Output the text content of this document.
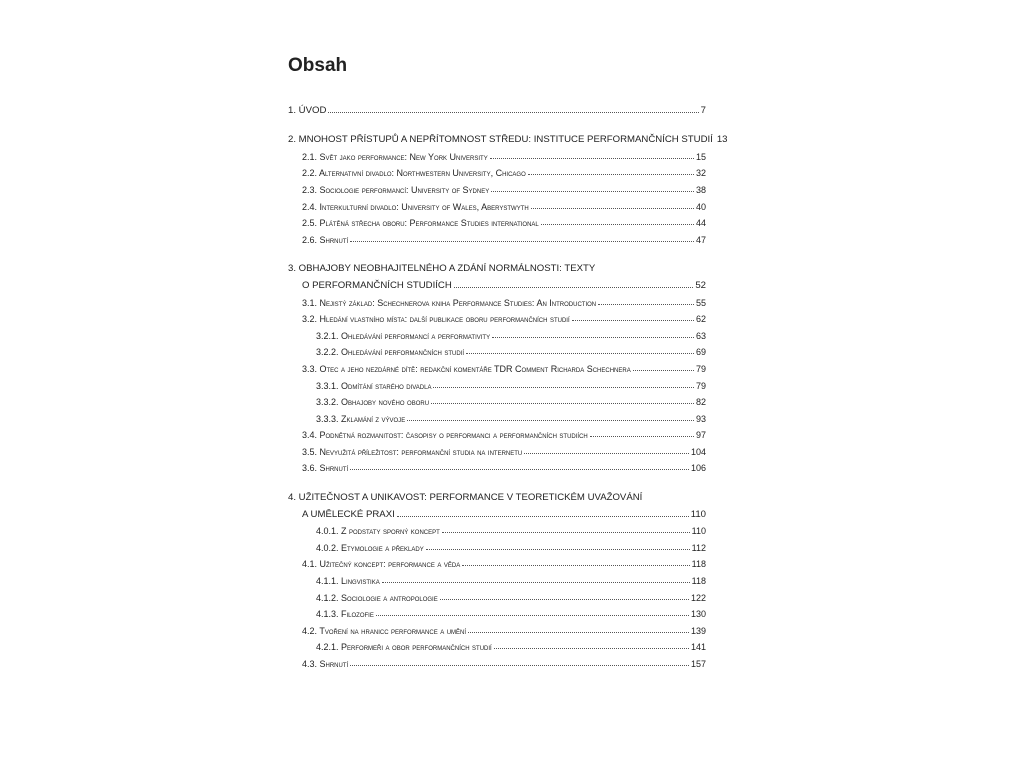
Obsah
1. ÚVOD	7
2. MNOHOST PŘÍSTUPŮ A NEPŘÍTOMNOST STŘEDU: INSTITUCE PERFORMANČNÍCH STUDIÍ 13
2.1. Svět jako performance: New York University	15
2.2. Alternativní divadlo: Northwestern University, Chicago	32
2.3. Sociologie performancí: University of Sydney	38
2.4. Interkulturní divadlo: University of Wales, Aberystwyth	40
2.5. Plátěná střecha oboru: Performance Studies international	44
2.6. Shrnutí	47
3. OBHAJOBY NEOBHAJITELNÉHO A ZDÁNÍ NORMÁLNOSTI: TEXTY
O PERFORMANČNÍCH STUDIÍCH	52
3.1. Nejistý základ: Schechnerova kniha Performance Studies: An Introduction	55
3.2. Hledání vlastního místa: další publikace oboru performančních studií	62
3.2.1. Ohledávání performancí a performativity	63
3.2.2. Ohledávání performančních studií	69
3.3. Otec a jeho nezdárné dítě: redakční komentáře TDR Comment Richarda Schechnera	79
3.3.1. Odmítání starého divadla	79
3.3.2. Obhajoby nového oboru	82
3.3.3. Zklamání z vývoje	93
3.4. Podnětná rozmanitost: časopisy o performanci a performančních studiích	97
3.5. Nevyužitá příležitost: performanční studia na internetu	104
3.6. Shrnutí	106
4. UŽITEČNOST A UNIKAVOST: PERFORMANCE V TEORETICKÉM UVAŽOVÁNÍ
A UMĚLECKÉ PRAXI	110
4.0.1. Z podstaty sporný koncept	110
4.0.2. Etymologie a překlady	112
4.1. Užitečný koncept: performance a věda	118
4.1.1. Lingvistika	118
4.1.2. Sociologie a antropologie	122
4.1.3. Filozofie	130
4.2. Tvoření na hranicc performance a umění	139
4.2.1. Performeři a obor performančních studií	141
4.3. Shrnutí	157
